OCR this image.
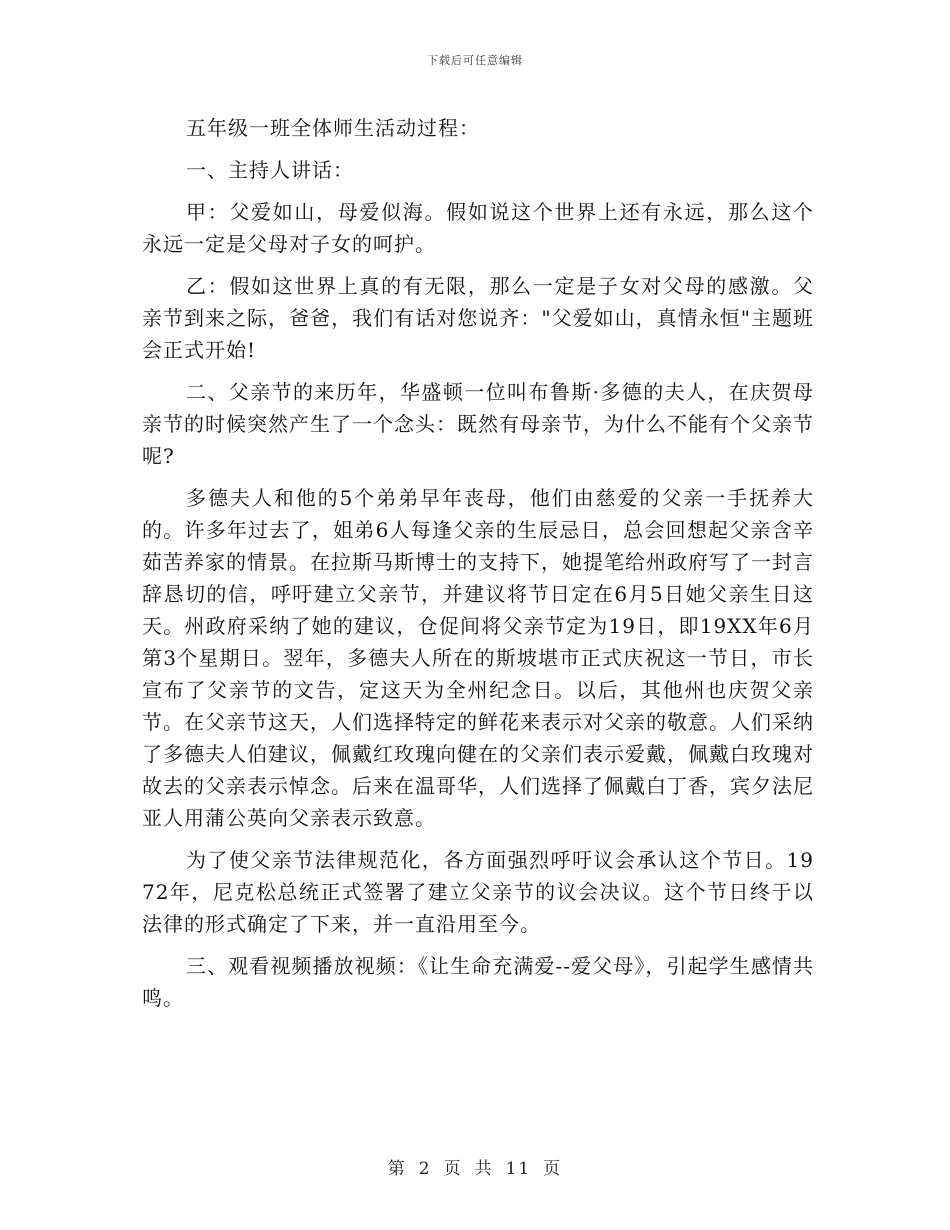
下载后可任意编辑

五年级一班全体师生活动过程：

一、主持人讲话：

甲：父爱如山，母爱似海。假如说这个世界上还有永远，那么这个永远一定是父母对子女的呵护。

乙：假如这世界上真的有无限，那么一定是子女对父母的感激。父亲节到来之际，爸爸，我们有话对您说齐："父爱如山，真情永恒"主题班会正式开始!

二、父亲节的来历年，华盛顿一位叫布鲁斯·多德的夫人，在庆贺母亲节的时候突然产生了一个念头：既然有母亲节，为什么不能有个父亲节呢?

多德夫人和他的5个弟弟早年丧母，他们由慈爱的父亲一手抚养大的。许多年过去了，姐弟6人每逢父亲的生辰忌日，总会回想起父亲含辛茹苦养家的情景。在拉斯马斯博士的支持下，她提笔给州政府写了一封言辞恳切的信，呼吁建立父亲节，并建议将节日定在6月5日她父亲生日这天。州政府采纳了她的建议，仓促间将父亲节定为19日，即19XX年6月第3个星期日。翌年，多德夫人所在的斯坡堪市正式庆祝这一节日，市长宣布了父亲节的文告，定这天为全州纪念日。以后，其他州也庆贺父亲节。在父亲节这天，人们选择特定的鲜花来表示对父亲的敬意。人们采纳了多德夫人伯建议，佩戴红玫瑰向健在的父亲们表示爱戴，佩戴白玫瑰对故去的父亲表示悼念。后来在温哥华，人们选择了佩戴白丁香，宾夕法尼亚人用蒲公英向父亲表示致意。

为了使父亲节法律规范化，各方面强烈呼吁议会承认这个节日。1972年，尼克松总统正式签署了建立父亲节的议会决议。这个节日终于以法律的形式确定了下来，并一直沿用至今。

三、观看视频播放视频：《让生命充满爱--爱父母》，引起学生感情共鸣。

第 2 页 共 11 页
